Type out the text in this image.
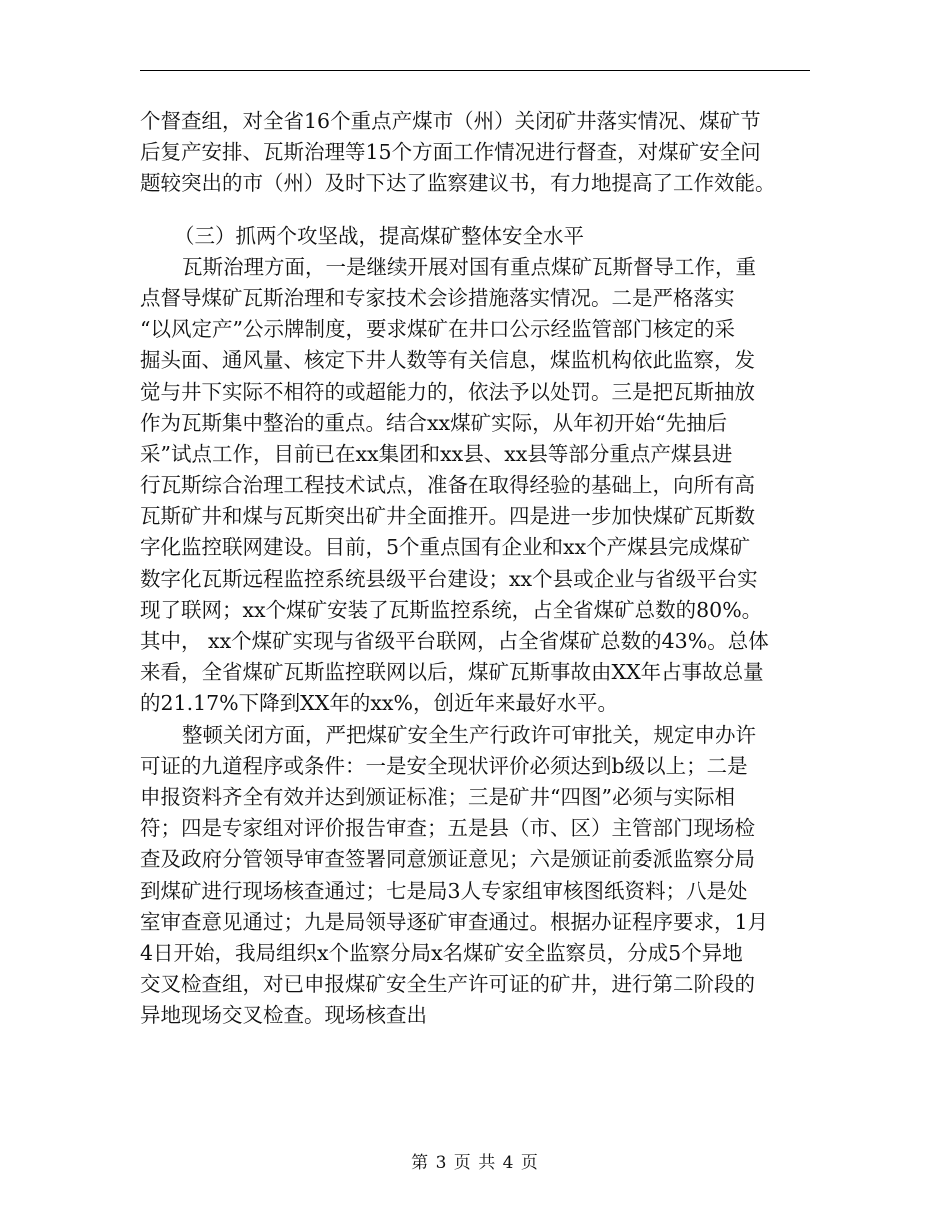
个督查组，对全省16个重点产煤市（州）关闭矿井落实情况、煤矿节
后复产安排、瓦斯治理等15个方面工作情况进行督查，对煤矿安全问
题较突出的市（州）及时下达了监察建议书，有力地提高了工作效能。
（三）抓两个攻坚战，提高煤矿整体安全水平
瓦斯治理方面，一是继续开展对国有重点煤矿瓦斯督导工作，重
点督导煤矿瓦斯治理和专家技术会诊措施落实情况。二是严格落实
“以风定产”公示牌制度，要求煤矿在井口公示经监管部门核定的采
掘头面、通风量、核定下井人数等有关信息，煤监机构依此监察，发
觉与井下实际不相符的或超能力的，依法予以处罚。三是把瓦斯抽放
作为瓦斯集中整治的重点。结合xx煤矿实际，从年初开始“先抽后
采”试点工作，目前已在xx集团和xx县、xx县等部分重点产煤县进
行瓦斯综合治理工程技术试点，准备在取得经验的基础上，向所有高
瓦斯矿井和煤与瓦斯突出矿井全面推开。四是进一步加快煤矿瓦斯数
字化监控联网建设。目前，5个重点国有企业和xx个产煤县完成煤矿
数字化瓦斯远程监控系统县级平台建设；xx个县或企业与省级平台实
现了联网；xx个煤矿安装了瓦斯监控系统，占全省煤矿总数的80%。
其中， xx个煤矿实现与省级平台联网，占全省煤矿总数的43%。总体
来看，全省煤矿瓦斯监控联网以后，煤矿瓦斯事故由XX年占事故总量
的21.17%下降到XX年的xx%，创近年来最好水平。
整顿关闭方面，严把煤矿安全生产行政许可审批关，规定申办许
可证的九道程序或条件：一是安全现状评价必须达到b级以上；二是
申报资料齐全有效并达到颁证标准；三是矿井“四图”必须与实际相
符；四是专家组对评价报告审查；五是县（市、区）主管部门现场检
查及政府分管领导审查签署同意颁证意见；六是颁证前委派监察分局
到煤矿进行现场核查通过；七是局3人专家组审核图纸资料；八是处
室审查意见通过；九是局领导逐矿审查通过。根据办证程序要求，1月
4日开始，我局组织x个监察分局x名煤矿安全监察员，分成5个异地
交叉检查组，对已申报煤矿安全生产许可证的矿井，进行第二阶段的
异地现场交叉检查。现场核查出
第 3 页 共 4 页
